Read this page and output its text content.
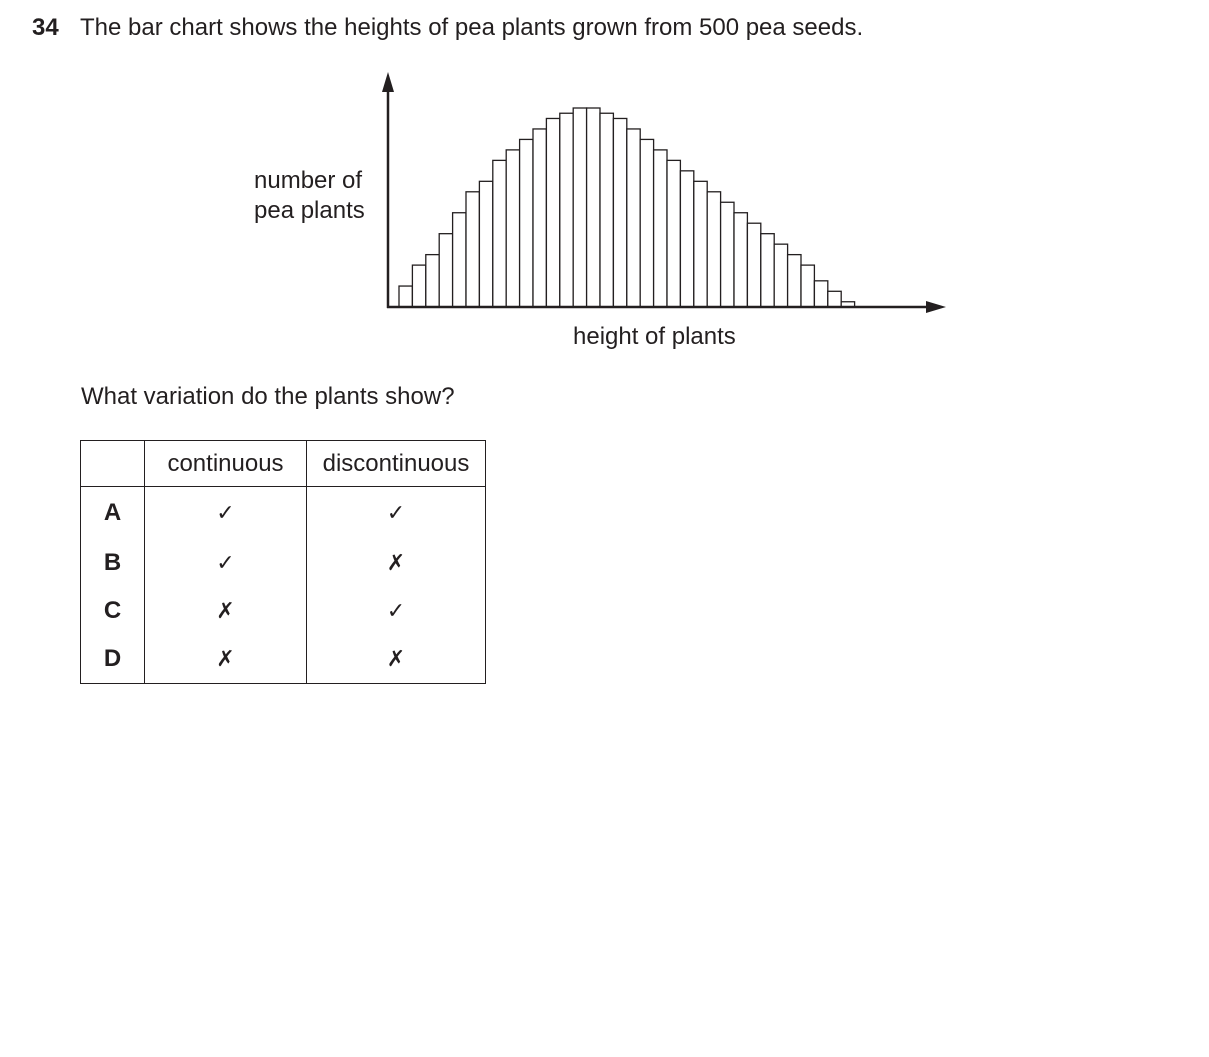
34 The bar chart shows the heights of pea plants grown from 500 pea seeds.
number of
pea plants
height of plants
What variation do the plants show?
	continuous	discontinuous
A	✓	✓
B	✓	✗
C	✗	✓
D	✗	✗
